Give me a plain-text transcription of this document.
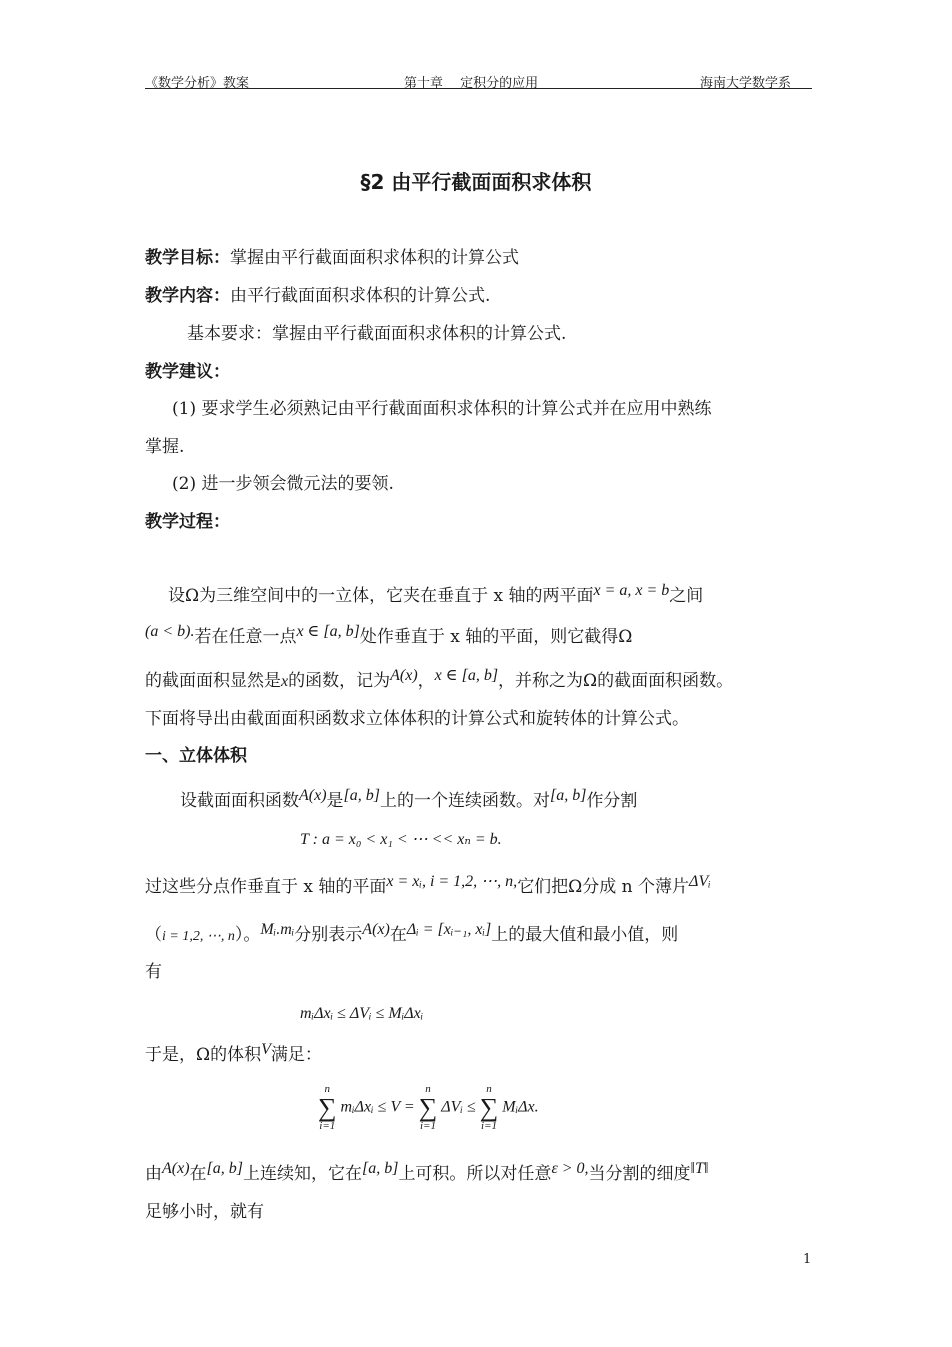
《数学分析》教案	第十章　 定积分的应用	海南大学数学系
§2 由平行截面面积求体积
教学目标：掌握由平行截面面积求体积的计算公式
教学内容：由平行截面面积求体积的计算公式.
基本要求：掌握由平行截面面积求体积的计算公式.
教学建议：
(1) 要求学生必须熟记由平行截面面积求体积的计算公式并在应用中熟练
掌握.
(2) 进一步领会微元法的要领.
教学过程：
设Ω为三维空间中的一立体，它夹在垂直于 x 轴的两平面x = a, x = b之间
(a < b).若在任意一点x ∈ [a, b]处作垂直于 x 轴的平面，则它截得Ω
的截面面积显然是x的函数，记为A(x)，x ∈ [a, b]，并称之为Ω的截面面积函数。
下面将导出由截面面积函数求立体体积的计算公式和旋转体的计算公式。
一、立体体积
设截面面积函数A(x)是[a, b]上的一个连续函数。对[a, b]作分割
T : a = x₀ < x₁ < ⋯ << xₙ = b.
过这些分点作垂直于 x 轴的平面x = xᵢ, i = 1,2, ⋯, n,它们把Ω分成 n 个薄片ΔVᵢ
（i = 1,2, ⋯, n）。Mᵢ.mᵢ分别表示A(x)在Δᵢ = [xᵢ₋₁, xᵢ]上的最大值和最小值，则
有
mᵢΔxᵢ ≤ ΔVᵢ ≤ MᵢΔxᵢ
于是，Ω的体积V满足：
n
∑
i=1
mᵢΔxᵢ ≤ V =
n
∑
i=1
ΔVᵢ ≤
n
∑
i=1
MᵢΔx.
由A(x)在[a, b]上连续知，它在[a, b]上可积。所以对任意ε > 0,当分割的细度‖T‖
足够小时，就有
1
